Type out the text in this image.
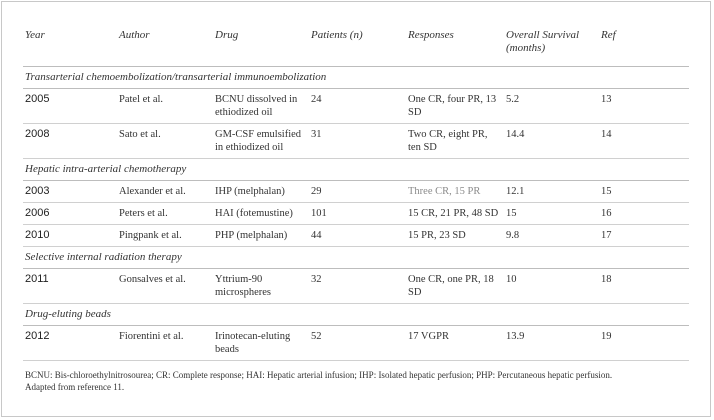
Year	Author	Drug	Patients (n)	Responses	Overall Survival (months)	Ref
Transarterial chemoembolization/transarterial immunoembolization						
2005	Patel et al.	BCNU dissolved in ethiodized oil	24	One CR, four PR, 13 SD	5.2	13
2008	Sato et al.	GM-CSF emulsified in ethiodized oil	31	Two CR, eight PR, ten SD	14.4	14
Hepatic intra-arterial chemotherapy						
2003	Alexander et al.	IHP (melphalan)	29	Three CR, 15 PR	12.1	15
2006	Peters et al.	HAI (fotemustine)	101	15 CR, 21 PR, 48 SD	15	16
2010	Pingpank et al.	PHP (melphalan)	44	15 PR, 23 SD	9.8	17
Selective internal radiation therapy						
2011	Gonsalves et al.	Yttrium-90 microspheres	32	One CR, one PR, 18 SD	10	18
Drug-eluting beads						
2012	Fiorentini et al.	Irinotecan-eluting beads	52	17 VGPR	13.9	19
BCNU: Bis-chloroethylnitrosourea; CR: Complete response; HAI: Hepatic arterial infusion; IHP: Isolated hepatic perfusion; PHP: Percutaneous hepatic perfusion.
Adapted from reference 11.
